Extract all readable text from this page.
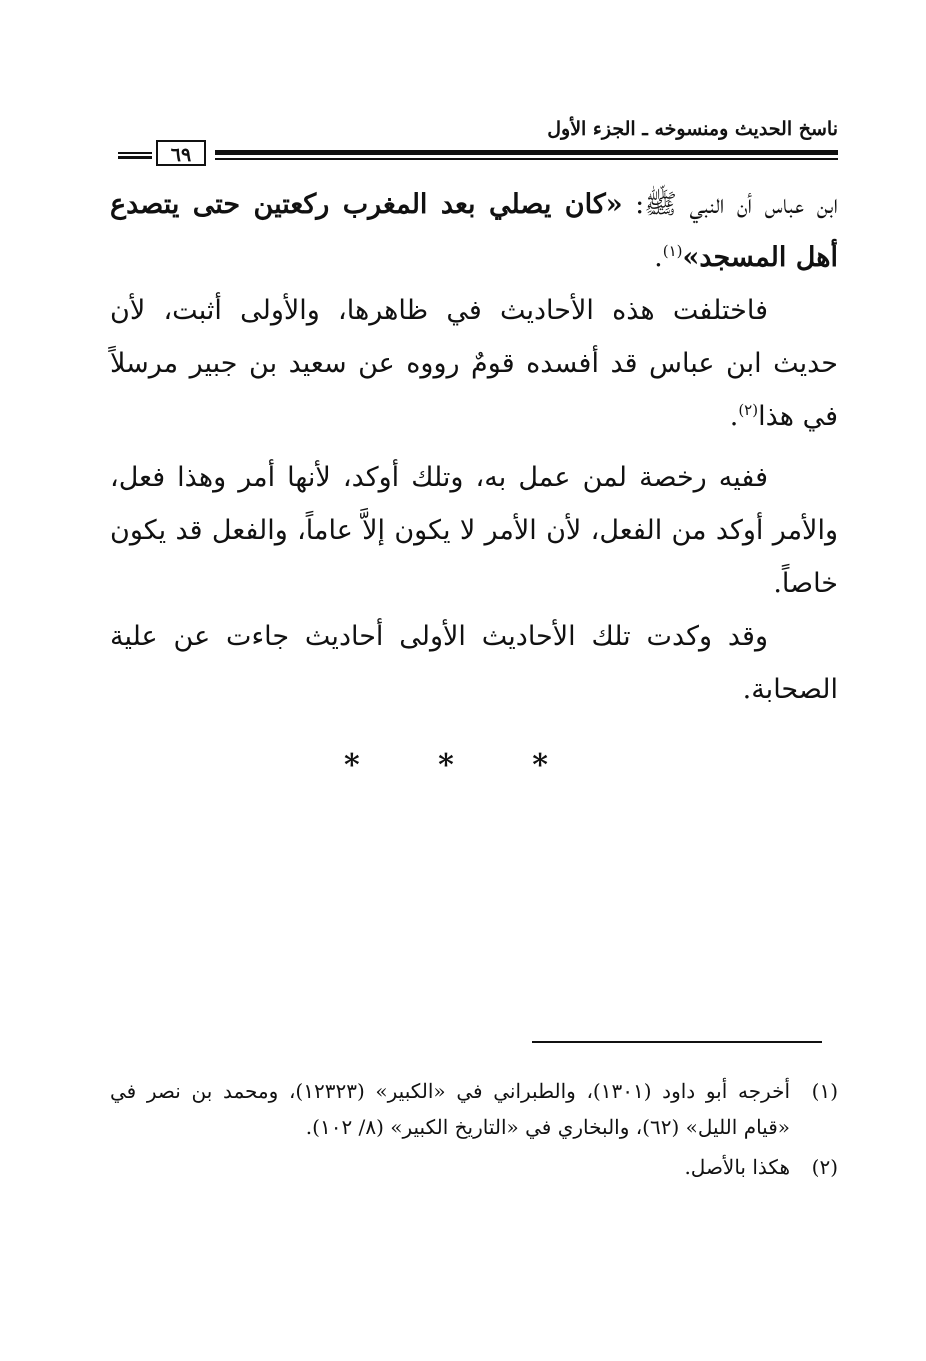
ناسخ الحديث ومنسوخه ـ الجزء الأول
٦٩

ابن عباس أن النبي ﷺ: «كان يصلي بعد المغرب ركعتين حتى يتصدع أهل المسجد»$^{(١)}$.

فاختلفت هذه الأحاديث في ظاهرها، والأولى أثبت، لأن حديث ابن عباس قد أفسده قومٌ رووه عن سعيد بن جبير مرسلاً في هذا$^{(٢)}$.

ففيه رخصة لمن عمل به، وتلك أوكد، لأنها أمر وهذا فعل، والأمر أوكد من الفعل، لأن الأمر لا يكون إلاَّ عاماً، والفعل قد يكون خاصاً.

وقد وكدت تلك الأحاديث الأولى أحاديث جاءت عن علية الصحابة.

* * *
(١)
أخرجه أبو داود (١٣٠١)، والطبراني في «الكبير» (١٢٣٢٣)، ومحمد بن نصر في «قيام الليل» (٦٢)، والبخاري في «التاريخ الكبير» (٨/ ١٠٢).
(٢)
هكذا بالأصل.
